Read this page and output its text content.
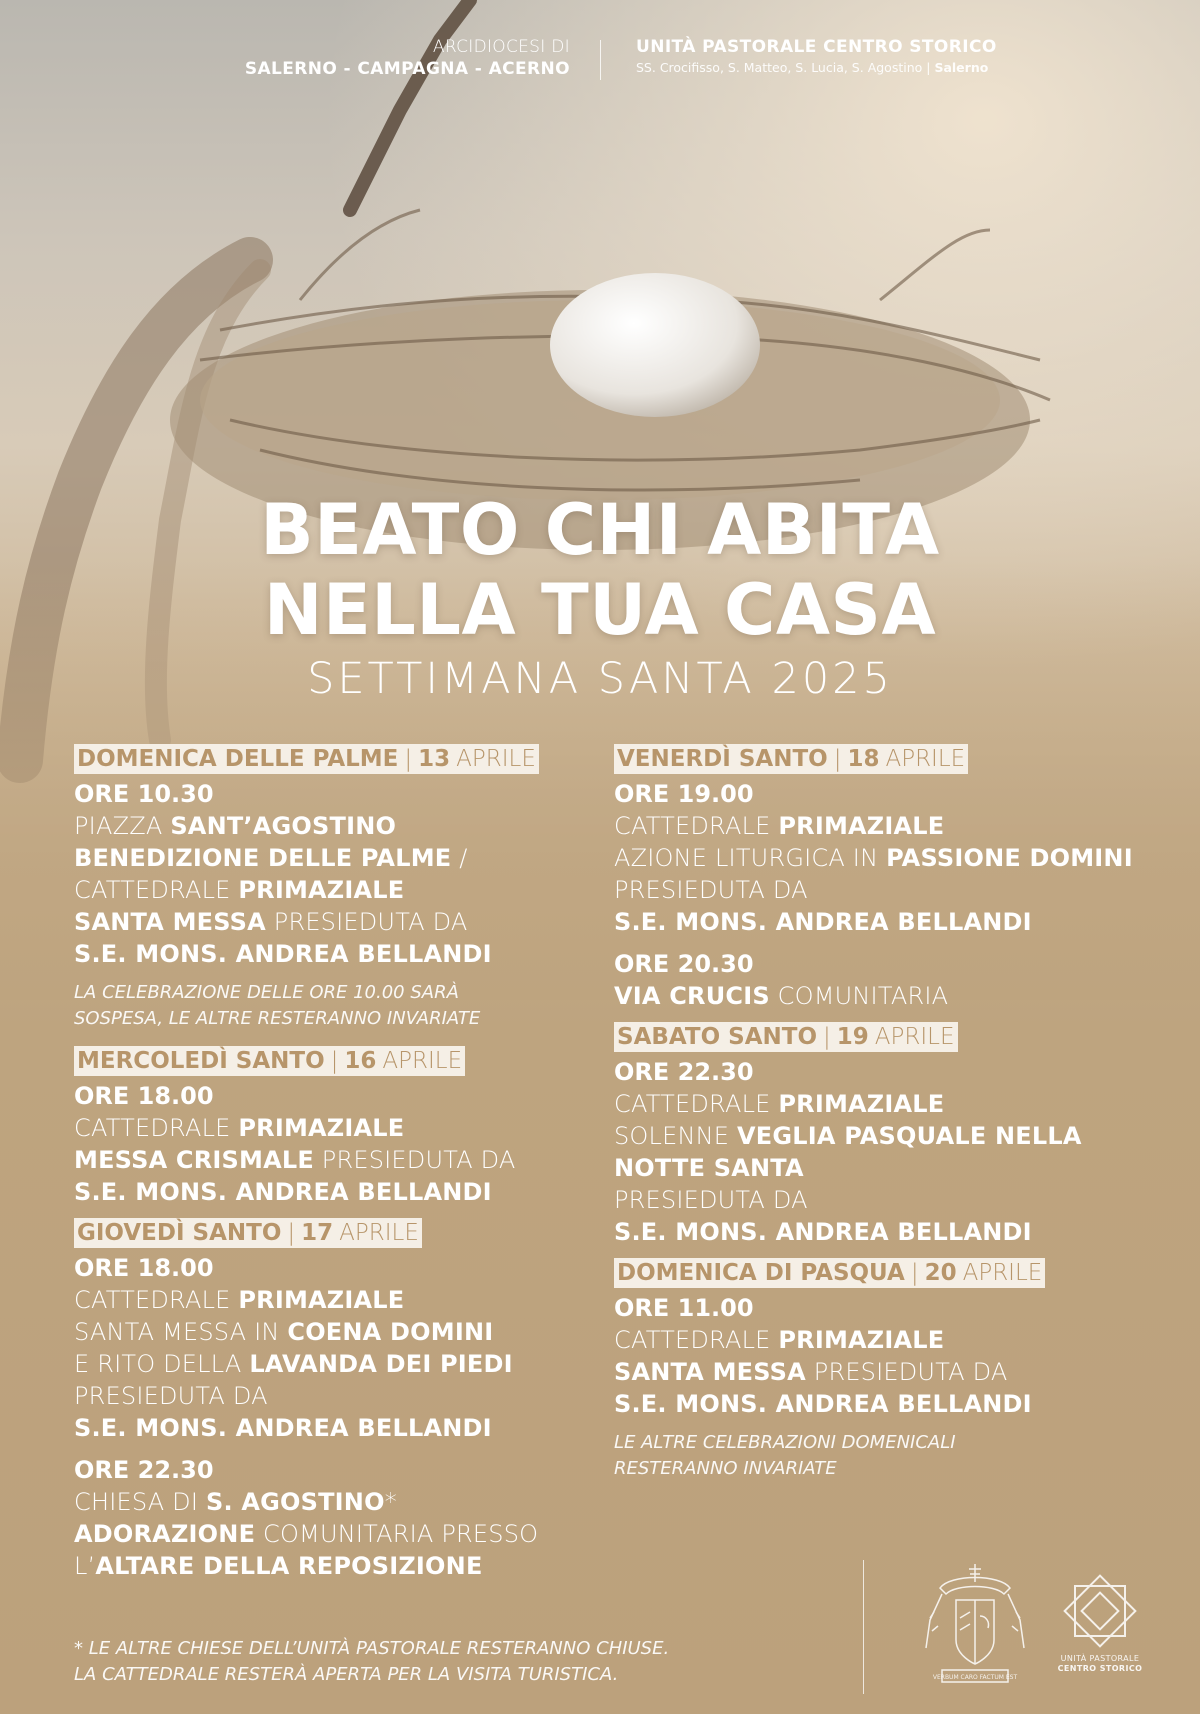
ARCIDIOCESI DI
SALERNO - CAMPAGNA - ACERNO
UNITÀ PASTORALE CENTRO STORICO
SS. Crocifisso, S. Matteo, S. Lucia, S. Agostino | Salerno
BEATO CHI ABITA
NELLA TUA CASA
SETTIMANA SANTA 2025
DOMENICA DELLE PALME | 13 APRILE
ORE 10.30
PIAZZA SANT’AGOSTINO
BENEDIZIONE DELLE PALME /
CATTEDRALE PRIMAZIALE
SANTA MESSA PRESIEDUTA DA
S.E. MONS. ANDREA BELLANDI
LA CELEBRAZIONE DELLE ORE 10.00 SARÀ
SOSPESA, LE ALTRE RESTERANNO INVARIATE
MERCOLEDÌ SANTO | 16 APRILE
ORE 18.00
CATTEDRALE PRIMAZIALE
MESSA CRISMALE PRESIEDUTA DA
S.E. MONS. ANDREA BELLANDI
GIOVEDÌ SANTO | 17 APRILE
ORE 18.00
CATTEDRALE PRIMAZIALE
SANTA MESSA IN COENA DOMINI
E RITO DELLA LAVANDA DEI PIEDI
PRESIEDUTA DA
S.E. MONS. ANDREA BELLANDI
ORE 22.30
CHIESA DI S. AGOSTINO*
ADORAZIONE COMUNITARIA PRESSO
L’ALTARE DELLA REPOSIZIONE
VENERDÌ SANTO | 18 APRILE
ORE 19.00
CATTEDRALE PRIMAZIALE
AZIONE LITURGICA IN PASSIONE DOMINI
PRESIEDUTA DA
S.E. MONS. ANDREA BELLANDI
ORE 20.30
VIA CRUCIS COMUNITARIA
SABATO SANTO | 19 APRILE
ORE 22.30
CATTEDRALE PRIMAZIALE
SOLENNE VEGLIA PASQUALE NELLA
NOTTE SANTA
PRESIEDUTA DA
S.E. MONS. ANDREA BELLANDI
DOMENICA DI PASQUA | 20 APRILE
ORE 11.00
CATTEDRALE PRIMAZIALE
SANTA MESSA PRESIEDUTA DA
S.E. MONS. ANDREA BELLANDI
LE ALTRE CELEBRAZIONI DOMENICALI
RESTERANNO INVARIATE
* LE ALTRE CHIESE DELL’UNITÀ PASTORALE RESTERANNO CHIUSE.
LA CATTEDRALE RESTERÀ APERTA PER LA VISITA TURISTICA.	VERBUM CARO FACTUM EST
UNITÀ PASTORALE
CENTRO STORICO
